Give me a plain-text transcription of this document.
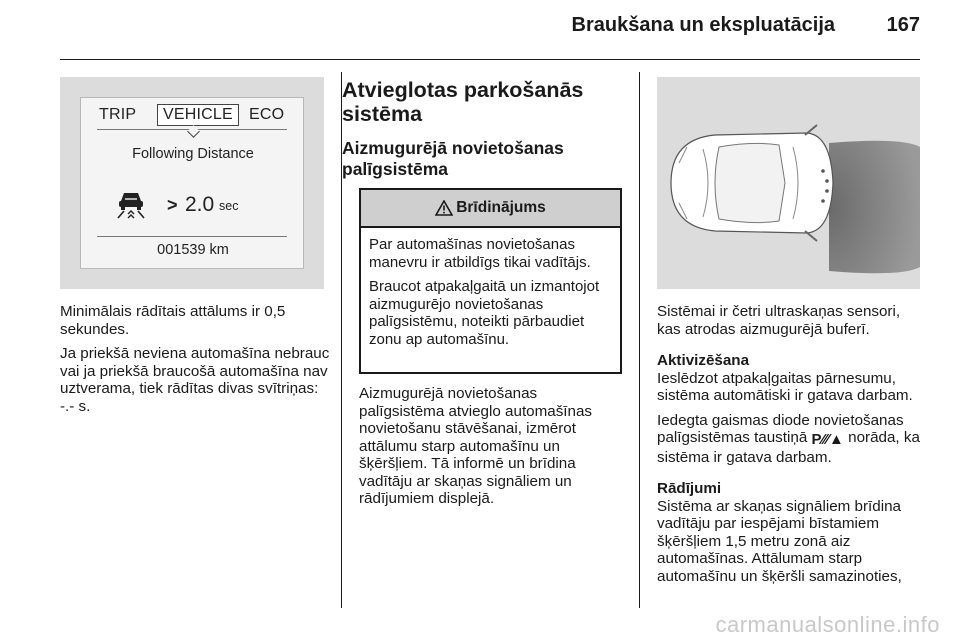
Braukšana un ekspluatācija	167
TRIP	VEHICLE	ECO
Following Distance
> 2.0 sec
001539 km

Minimālais rādītais attālums ir 0,5 sekundes.

Ja priekšā neviena automašīna nebrauc vai ja priekšā braucošā automašīna nav uztverama, tiek rādītas divas svītriņas: -.- s.

Atvieglotas parkošanās sistēma
Aizmugurējā novietošanas palīgsistēma
Brīdinājums

Par automašīnas novietošanas manevru ir atbildīgs tikai vadītājs.

Braucot atpakaļgaitā un izmantojot aizmugurējo novietošanas palīgsistēmu, noteikti pārbaudiet zonu ap automašīnu.

Aizmugurējā novietošanas palīgsistēma atvieglo automašīnas novietošanu stāvēšanai, izmērot attālumu starp automašīnu un šķēršļiem. Tā informē un brīdina vadītāju ar skaņas signāliem un rādījumiem displejā.

Sistēmai ir četri ultraskaņas sensori, kas atrodas aizmugurējā buferī.

Aktivizēšana
Ieslēdzot atpakaļgaitas pārnesumu, sistēma automātiski ir gatava darbam.

Iedegta gaismas diode novietošanas palīgsistēmas taustiņā P⁄⁄⁄▲ norāda, ka sistēma ir gatava darbam.

Rādījumi
Sistēma ar skaņas signāliem brīdina vadītāju par iespējami bīstamiem šķēršļiem 1,5 metru zonā aiz automašīnas. Attālumam starp automašīnu un šķēršli samazinoties,

carmanualsonline.info
